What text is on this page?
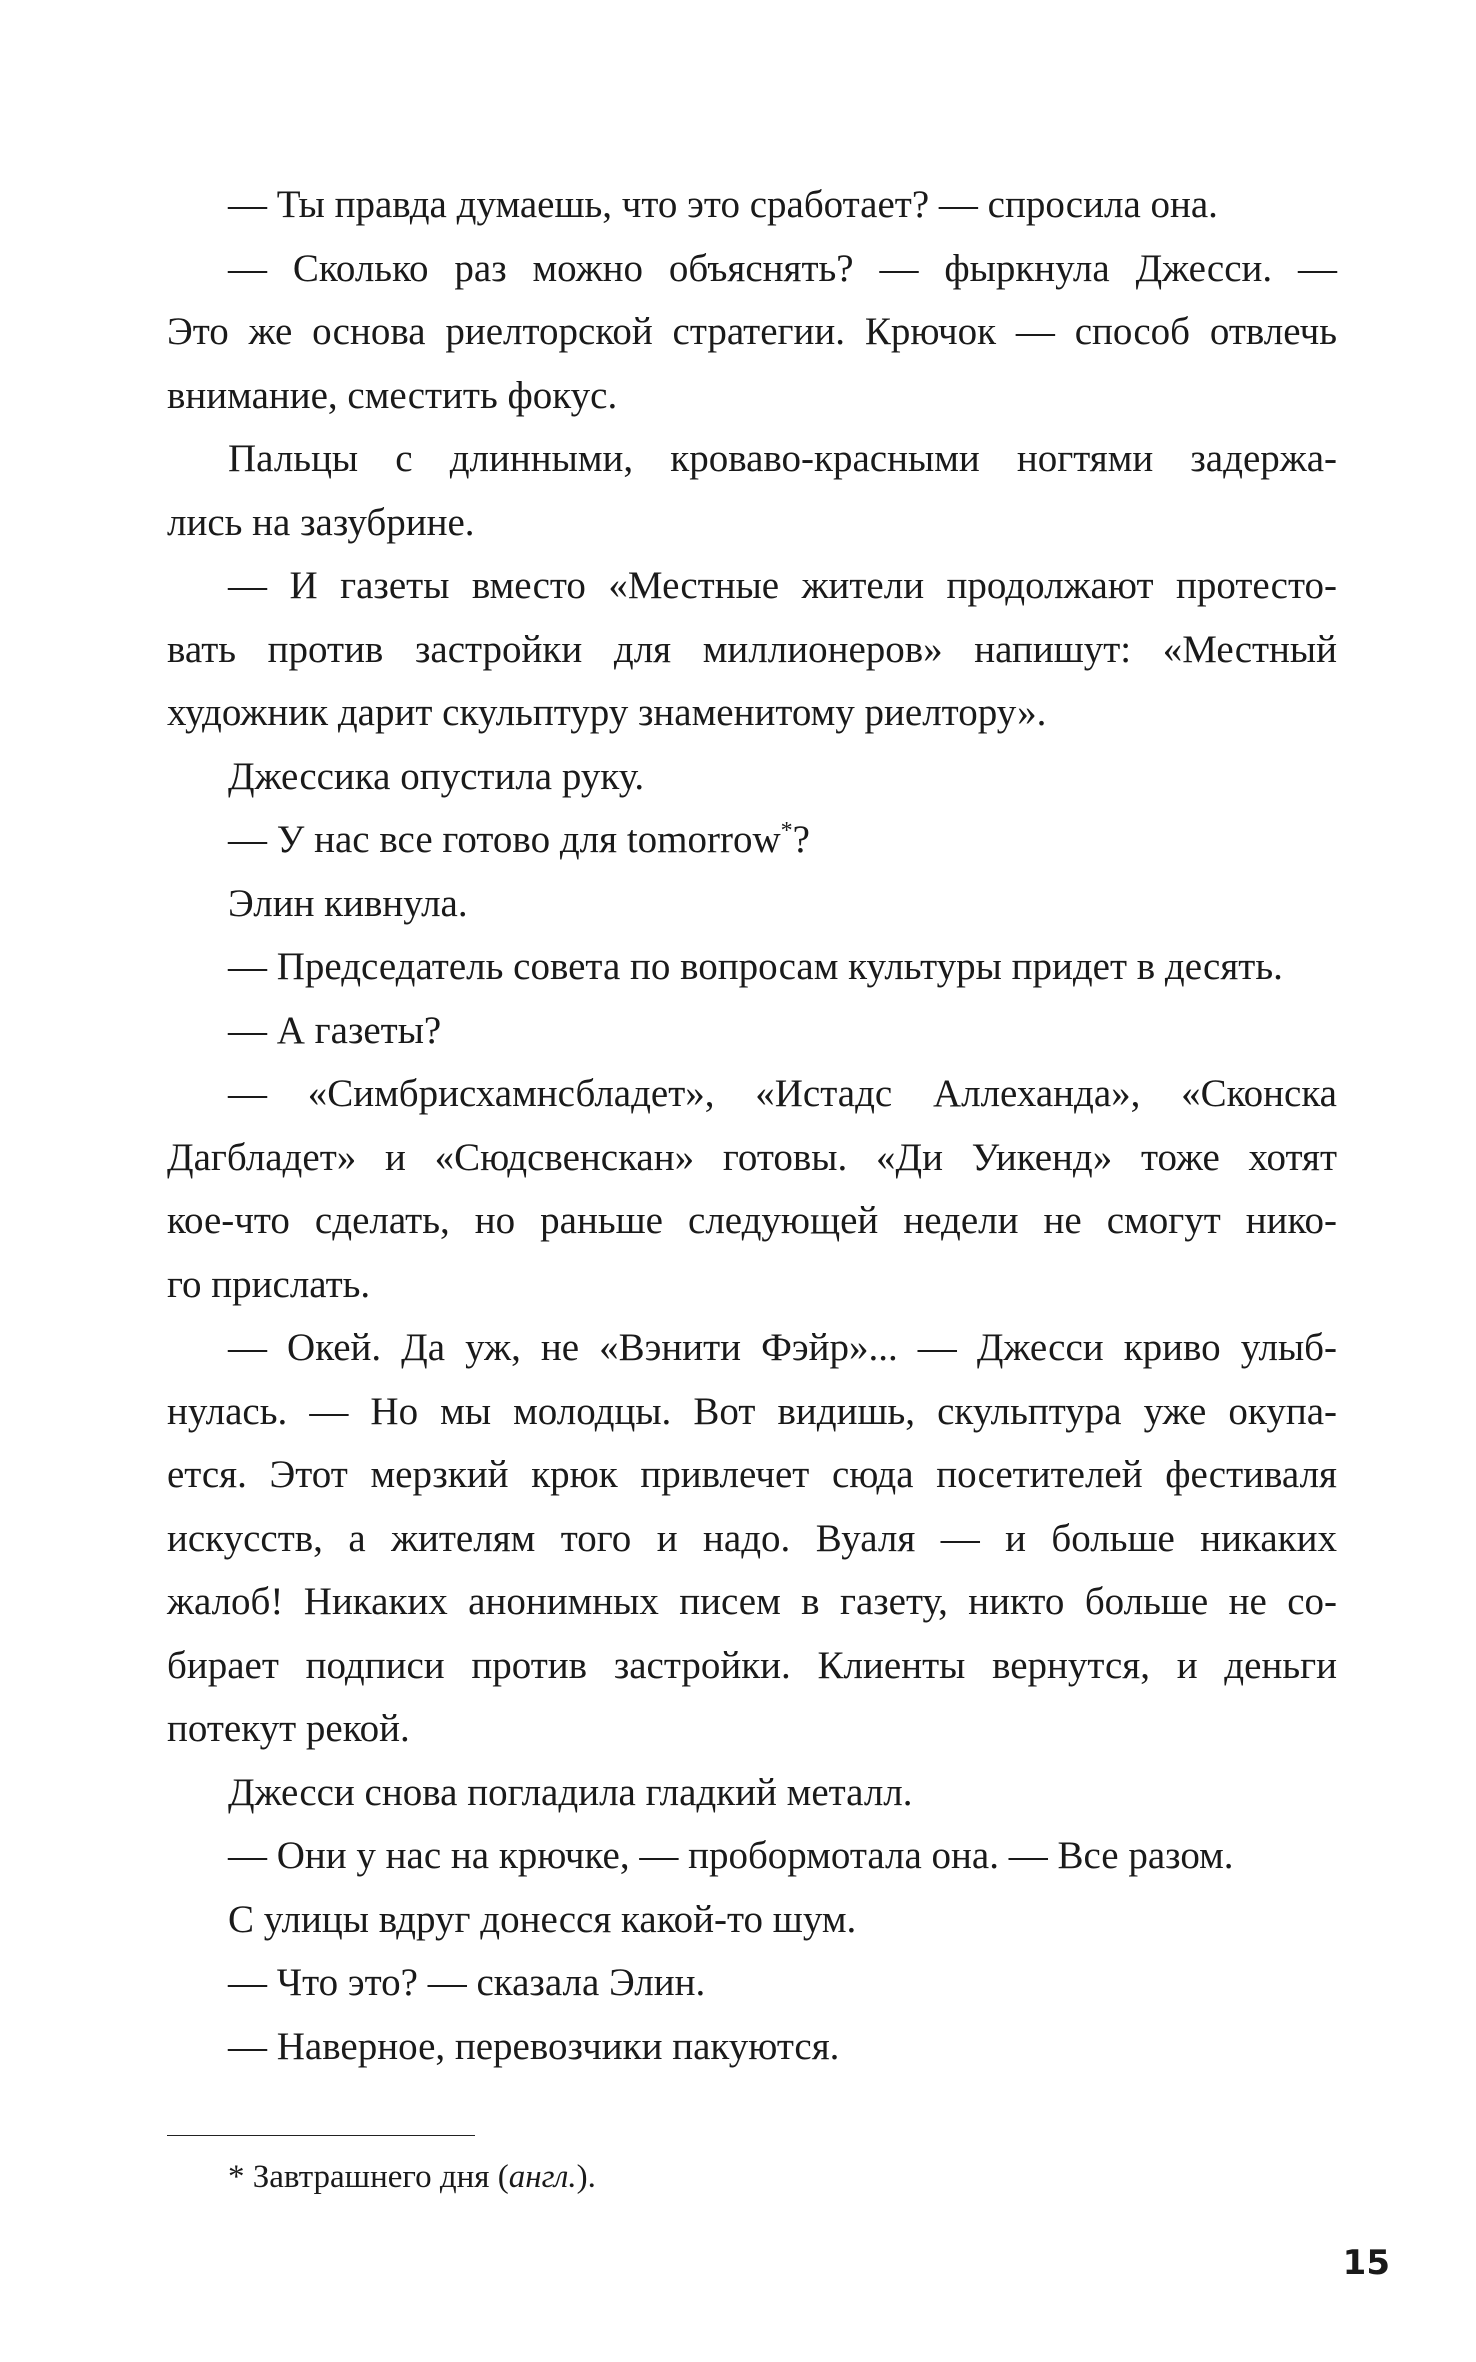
— Ты правда думаешь, что это сработает? — спросила она.
— Сколько раз можно объяснять? — фыркнула Джесси. —
Это же основа риелторской стратегии. Крючок — способ отвлечь
внимание, сместить фокус.
Пальцы с длинными, кроваво-красными ногтями задержа-
лись на зазубрине.
— И газеты вместо «Местные жители продолжают протесто-
вать против застройки для миллионеров» напишут: «Местный
художник дарит скульптуру знаменитому риелтору».
Джессика опустила руку.
— У нас все готово для tomorrow*?
Элин кивнула.
— Председатель совета по вопросам культуры придет в десять.
— А газеты?
— «Симбрисхамнсбладет», «Истадс Аллеханда», «Сконска
Дагбладет» и «Сюдсвенскан» готовы. «Ди Уикенд» тоже хотят
кое-что сделать, но раньше следующей недели не смогут нико-
го прислать.
— Окей. Да уж, не «Вэнити Фэйр»... — Джесси криво улыб-
нулась. — Но мы молодцы. Вот видишь, скульптура уже окупа-
ется. Этот мерзкий крюк привлечет сюда посетителей фестиваля
искусств, а жителям того и надо. Вуаля — и больше никаких
жалоб! Никаких анонимных писем в газету, никто больше не со-
бирает подписи против застройки. Клиенты вернутся, и деньги
потекут рекой.
Джесси снова погладила гладкий металл.
— Они у нас на крючке, — пробормотала она. — Все разом.
С улицы вдруг донесся какой-то шум.
— Что это? — сказала Элин.
— Наверное, перевозчики пакуются.
* Завтрашнего дня (англ.).
15
